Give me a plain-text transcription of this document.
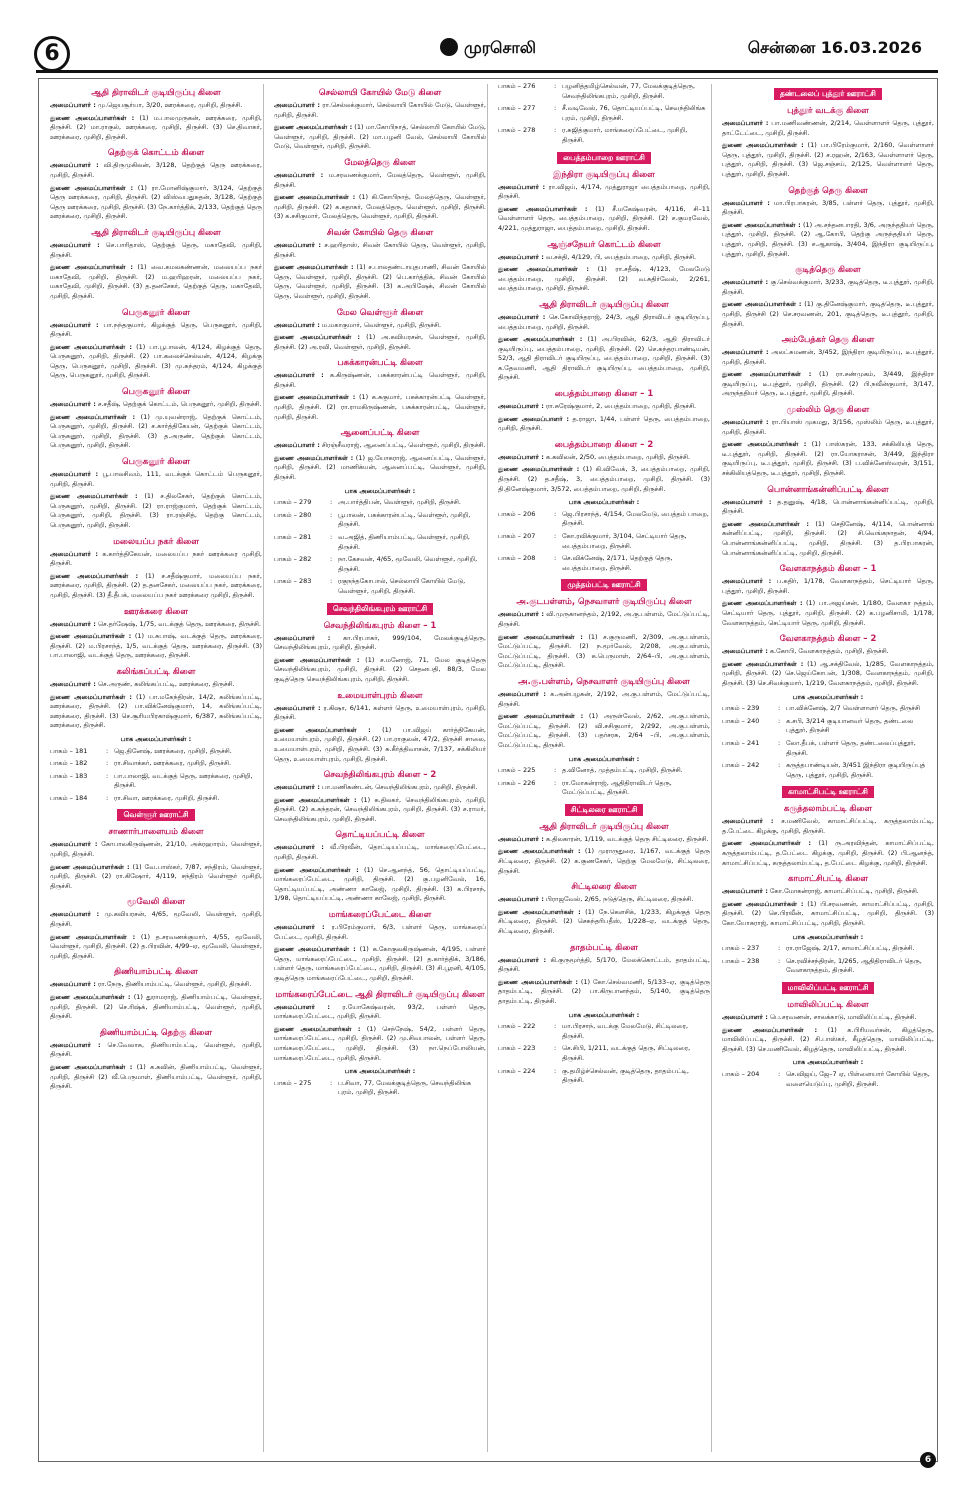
6	முரசொலி	சென்னை 16.03.2026
ஆதி திராவிடர் குடியிருப்பு கிளை

அமைப்பாளர் : மு.ஜெயசூர்யா, 3/20, ஊரக்கரை, முசிறி, திருச்சி.

துணை அமைப்பாளர்கள் : (1) ம.பாலமுருகன், ஊரக்கரை, முசிறி, திருச்சி. (2) மா.ராகுல், ஊரக்கரை, முசிறி, திருச்சி. (3) செ.திவாகர், ஊரக்கரை, முசிறி, திருச்சி.

தெற்குக் கொட்டம் கிளை

அமைப்பாளர் : வி.திருமுகிலன், 3/128, தெற்குத் தெரு ஊரக்கரை, முசிறி, திருச்சி.

துணை அமைப்பாளர்கள் : (1) ரா.மோனிஷ்குமார், 3/124, தெற்குத் தெரு ஊரக்கரை, முசிறி, திருச்சி. (2) விஸ்வபதுசுதன், 3/128, தெற்குத் தெரு ஊரக்கரை, முசிறி, திருச்சி. (3) நே.கார்த்திக், 2/133, தெற்குத் தெரு ஊரக்கரை, முசிறி, திருச்சி.

ஆதி திராவிடர் குடியிருப்பு கிளை

அமைப்பாளர் : செ.பாரிதாஸ், தெற்குத் தெரு, மகாதேவி, முசிறி, திருச்சி.

துணை அமைப்பாளர்கள் : (1) வை.கமலகண்ணன், மலையப்ப நகர் மகாதேவி, முசிறி, திருச்சி. (2) ம.ஹரிஹரன், மலையப்ப நகர், மகாதேவி, முசிறி, திருச்சி. (3) த.தனசேகர், தெற்குத் தெரு, மகாதேவி, முசிறி, திருச்சி.

பெருகனூர் கிளை

அமைப்பாளர் : பா.நந்தகுமார், கிழக்குத் தெரு, பெருகனூர், முசிறி, திருச்சி.

துணை அமைப்பாளர்கள் : (1) பா.பூபாலன், 4/124, கிழக்குத் தெரு, பெருகனூர், முசிறி, திருச்சி. (2) பா.கலைச்செல்வன், 4/124, கிழக்கு தெரு, பெருகனூர், முசிறி, திருச்சி. (3) மு.சுந்தரம், 4/124, கிழக்குத் தெரு, பெருகனூர், முசிறி, திருச்சி.

பெருகனூர் கிளை

அமைப்பாளர் : ச.சதீஷ், தெற்குக் கொட்டம், பெருகனூர், முசிறி, திருச்சி.

துணை அமைப்பாளர்கள் : (1) மு.யுவன்ராஜ், தெற்குக் கொட்டம், பெருகனூர், முசிறி, திருச்சி. (2) ச.கார்த்திகேயன், தெற்குக் கொட்டம், பெருகனூர், முசிறி, திருச்சி. (3) த.அருண், தெற்குக் கொட்டம், பெருகனூர், முசிறி, திருச்சி.

பெருகனூர் கிளை

அமைப்பாளர் : பூ.பாலசிவம், 111, வடக்குக் கொட்டம் பெருகனூர், முசிறி, திருச்சி.

துணை அமைப்பாளர்கள் : (1) ச.திலசேகர், தெற்குக் கொட்டம், பெருகனூர், முசிறி, திருச்சி. (2) ரா.ராஜ்குமார், தெற்குக் கொட்டம், பெருகனூர், முசிறி, திருச்சி. (3) ரா.ரஞ்சித், தெற்கு கொட்டம், பெருகனூர், முசிறி, திருச்சி.

மலையப்ப நகர் கிளை

அமைப்பாளர் : க.கார்த்திகேயன், மலையப்ப நகர் ஊரக்கரை முசிறி, திருச்சி.

துணை அமைப்பாளர்கள் : (1) ச.சதீஷ்குமார், மலையப்ப நகர், ஊரக்கரை, முசிறி, திருச்சி. (2) த.தனசேகர், மலையப்ப நகர், ஊரக்கரை, முசிறி, திருச்சி. (3) தீ.தீபக், மலையப்ப நகர் ஊரக்கரை முசிறி, திருச்சி.

ஊரக்கரை கிளை

அமைப்பாளர் : செ.தர்ஷேஷ், 1/75, வடக்குத் தெரு, ஊரக்கரை, திருச்சி.

துணை அமைப்பாளர்கள் : (1) ம.சுபாஷ், வடக்குத் தெரு, ஊரக்கரை, திருச்சி. (2) ம.பிரசாந்த், 1/5, வடக்குத் தெரு, ஊரக்கரை, திருச்சி. (3) பா.பாலாஜி, வடக்குத் தெரு, ஊரக்கரை, திருச்சி.

கலிங்கப்பட்டி கிளை

அமைப்பாளர் : செ.அருண், கலிங்கப்பட்டி, ஊரக்கரை, திருச்சி.

துணை அமைப்பாளர்கள் : (1) பா.மகேந்திரன், 14/2, கலிங்கப்பட்டி, ஊரக்கரை, திருச்சி. (2) பா.விக்னேஷ்குமார், 14, கலிங்கப்பட்டி, ஊரக்கரை, திருச்சி. (3) செ.சூரியபிரகாஷ்குமார், 6/387, கலிங்கப்பட்டி, ஊரக்கரை, திருச்சி.

பாக அமைப்பாளர்கள் :
பாகம் – 181	: ஜெ.தினேஷ், ஊரக்கரை, முசிறி, திருச்சி.
பாகம் – 182	: ரா.சிவாக்கர், ஊரக்கரை, முசிறி, திருச்சி.
பாகம் – 183	: பா.பாலாஜி, வடக்குத் தெரு, ஊரக்கரை, முசிறி, திருச்சி.
பாகம் – 184	: ரா.சிவா, ஊரக்கரை, முசிறி, திருச்சி.
வெள்ளூர் ஊராட்சி
சாணார்பாளையம் கிளை

அமைப்பாளர் : கோபாலகிருஷ்ணன், 21/10, அக்ரஹாரம், வெள்ளூர், முசிறி, திருச்சி.

துணை அமைப்பாளர்கள் : (1) வே.பாஸ்கர், 7/87, சந்திரம், வெள்ளூர், முசிறி, திருச்சி. (2) ரா.கிஷோர், 4/119, சந்திரம் வெள்ளூர் முசிறி, திருச்சி.

மூவேலி கிளை

அமைப்பாளர் : மு.கவியரசன், 4/65, மூவேலி, வெள்ளூர், முசிறி, திருச்சி.

துணை அமைப்பாளர்கள் : (1) த.சரவணக்குமார், 4/55, மூவேலி, வெள்ளூர், முசிறி, திருச்சி. (2) த.பிரவின், 4/99–ஏ, மூவேலி, வெள்ளூர், முசிறி, திருச்சி.

திணியாம்பட்டி கிளை

அமைப்பாளர் : ரா.நேரு, திணியாம்பட்டி, வெள்ளூர், முசிறி, திருச்சி.

துணை அமைப்பாளர்கள் : (1) துராமராஜ், திணியாம்பட்டி, வெள்ளூர், முசிறி, திருச்சி. (2) செ.ரிஷ்க், திணியாம்பட்டி, வெள்ளூர், முசிறி, திருச்சி.

திணியாம்பட்டி தெற்கு கிளை

அமைப்பாளர் : செ.வேலாசு, திணியாம்பட்டி, வெள்ளூர், முசிறி, திருச்சி.

துணை அமைப்பாளர்கள் : (1) க.கவின், திணியாம்பட்டி, வெள்ளூர், முசிறி, திருச்சி (2) வீ.பெருமாள், திணியாம்பட்டி, வெள்ளூர், முசிறி, திருச்சி.

செல்லாயி கோயில் மேடு கிளை

அமைப்பாளர் : ரா.செல்லக்குமார், செல்லாயி கோயில் மேடு, வெள்ளூர், முசிறி, திருச்சி.

துணை அமைப்பாளர்கள் : (1) மா.கோபிநாத், செல்லாயி கோயில் மேடு, வெள்ளூர், முசிறி, திருச்சி. (2) மா.பழனி வேல், செல்லாயி கோயில் மேடு, வெள்ளூர், முசிறி, திருச்சி.

மேலத்தெரு கிளை

அமைப்பாளர் : ம.சரவணக்குமார், மேலத்தெரு, வெள்ளூர், முசிறி, திருச்சி.

துணை அமைப்பாளர்கள் : (1) கி.கோபிநாத், மேலத்தெரு, வெள்ளூர், முசிறி, திருச்சி. (2) க.கதாகர், மேலத்தெரு, வெள்ளூர், முசிறி, திருச்சி. (3) க.சசிகுமார், மேலத்தெரு, வெள்ளூர், முசிறி, திருச்சி.

சிவன் கோயில் தெரு கிளை

அமைப்பாளர் : ச.ஹரிதாஸ், சிவன் கோயில் தெரு, வெள்ளூர், முசிறி, திருச்சி.

துணை அமைப்பாளர்கள் : (1) ச.பாலதண்டாயுதபாணி, சிவன் கோயில் தெரு, வெள்ளூர், முசிறி, திருச்சி. (2) பெ.கார்த்திக், சிவன் கோயில் தெரு, வெள்ளூர், முசிறி, திருச்சி. (3) க.அபிஷேக், சிவன் கோயில் தெரு, வெள்ளூர், முசிறி, திருச்சி.

மேல வெள்ளூர் கிளை

அமைப்பாளர் : ம.மகாகுமார், வெள்ளூர், முசிறி, திருச்சி.

துணை அமைப்பாளர்கள் : (1) அ.கவியரசன், வெள்ளூர், முசிறி, திருச்சி. (2) அ.ரவி, வெள்ளூர், முசிறி, திருச்சி.

பசுக்காரன்பட்டி கிளை

அமைப்பாளர் : க.கிருஷ்ணன், பசுக்காரன்பட்டி வெள்ளூர், முசிறி, திருச்சி.

துணை அமைப்பாளர்கள் : (1) க.சுகுமார், பசுக்காரன்பட்டி வெள்ளூர், முசிறி, திருச்சி. (2) ரா.ராமகிருஷ்ணன், பசுக்காரன்பட்டி, வெள்ளூர், முசிறி, திருச்சி.

ஆனைப்பட்டி கிளை

அமைப்பாளர் : சிரஞ்சீவராஜ், ஆனைப்பட்டி, வெள்ளூர், முசிறி, திருச்சி.

துணை அமைப்பாளர்கள் : (1) ஜ.யோகராஜ், ஆனைப்பட்டி, வெள்ளூர், முசிறி, திருச்சி. (2) மாணிக்யன், ஆனைப்பட்டி, வெள்ளூர், முசிறி, திருச்சி.

பாக அமைப்பாளர்கள் :
பாகம் – 279	: அ.பார்த்திபன், வெள்ளூர், முசிறி, திருச்சி.
பாகம் – 280	: பூபாலன், பசுக்காரன்பட்டி, வெள்ளூர், முசிறி, திருச்சி.
பாகம் – 281	: வ.அஜித், திணியாம்பட்டி, வெள்ளூர், முசிறி, திருச்சி.
பாகம் – 282	: நா.கேசவன், 4/65, மூவேலி, வெள்ளூர், முசிறி, திருச்சி.
பாகம் – 283	: ரகுநந்தகோபால், செல்லாயி கோயில் மேடு, வெள்ளூர், முசிறி, திருச்சி.
செவந்திலிங்கபுரம் ஊராட்சி
செவந்திலிங்கபுரம் கிளை – 1

அமைப்பாளர் : கா.பிரபாகர், 999/104, மேலக்குடித்தெரு, செவந்திலிங்கபுரம், முசிறி, திருச்சி.

துணை அமைப்பாளர்கள் : (1) ச.மனோஜ், 71, மேல குடித்தெரு செவந்திலிங்கபுரம், முசிறி, திருச்சி. (2) செதனபதி, 88/3, மேல குடித்தெரு செவந்திலிங்கபுரம், முசிறி, திருச்சி.

உமையாள்புரம் கிளை

அமைப்பாளர் : ர.கிஷா, 6/141, கள்ளர் தெரு, உமையாள்புரம், முசிறி, திருச்சி.

துணை அமைப்பாளர்கள் : (1) பா.விஜய் கார்த்திகேயன், உமையாள்புரம், முசிறி, திருச்சி. (2) பா.ராகுலன், 47/2, திருச்சி சாலை, உமையாள்புரம், முசிறி, திருச்சி. (3) சு.கீர்த்திவாசன், 7/137, சக்கிலியர் தெரு, உமையாள்புரம், முசிறி, திருச்சி.

செவந்திலிங்கபுரம் கிளை – 2

அமைப்பாளர் : பா.மணிகண்டன், செவந்திலிங்கபுரம், முசிறி, திருச்சி.

துணை அமைப்பாளர்கள் : (1) க.திலகர், செவந்திலிங்கபுரம், முசிறி, திருச்சி. (2) க.சுந்தரன், செவந்திலிங்கபுரம், முசிறி, திருச்சி. (3) ச.ராமர், செவந்திலிங்கபுரம், முசிறி, திருச்சி.

தொட்டியப்பட்டி கிளை

அமைப்பாளர் : வீ.பிரவீன், தொட்டியப்பட்டி, மாங்கரைப்பேட்டை, முசிறி, திருச்சி.

துணை அமைப்பாளர்கள் : (1) செ.ஆனந்த், 56, தொட்டியப்பட்டி, மாங்கரைப்பேட்டை, முசிறி, திருச்சி. (2) கு.பழனிவேல், 16, தொட்டியப்பட்டி, அண்ணா காலேஜ், முசிறி, திருச்சி. (3) க.பிரசாந், 1/98, தொட்டியப்பட்டி, அண்ணா காலேஜ், முசிறி, திருச்சி.

மாங்கரைப்பேட்டை கிளை

அமைப்பாளர் : ர.பிரேம்குமார், 6/3, பள்ளர் தெரு, மாங்கரைப் பேட்டை, முசிறி, திருச்சி.

துணை அமைப்பாளர்கள் : (1) க.கோகுலகிருஷ்ணன், 4/195, பள்ளர் தெரு, மாங்கரைப்பேட்டை, முசிறி, திருச்சி. (2) த.கார்த்திக், 3/186, பள்ளர் தெரு, மாங்கரைப்பேட்டை, முசிறி, திருச்சி. (3) சி.பூரனி, 4/105, குடித்தெரு மாங்கரைப்பேட்டை, முசிறி, திருச்சி.

மாங்கரைப்பேட்டை ஆதி திராவிடர் குடியிருப்பு கிளை

அமைப்பாளர் : ர.யோகேஷ்வரன், 93/2, பள்ளர் தெரு, மாங்கரைப்பேட்டை, முசிறி, திருச்சி.

துணை அமைப்பாளர்கள் : (1) செந்நேஷ், 54/2, பள்ளர் தெரு, மாங்கரைப்பேட்டை, முசிறி, திருச்சி. (2) மு.சிவபாலன், பள்ளர் தெரு, மாங்கரைப்பேட்டை, முசிறி, திருச்சி. (3) நா.நெப்போலியன், மாங்கரைப்பேட்டை, முசிறி, திருச்சி.

பாக அமைப்பாளர்கள் :
பாகம் – 275	: ப.சிவா, 77, மேலக்குடித்தெரு, செவந்திலிங்க புரம், முசிறி, திருச்சி.
பாகம் – 276	: பழனித்தமிழ்செல்வன், 77, மேலக்குடித்தெரு, செவந்திலிங்கபுரம், முசிறி, திருச்சி.
பாகம் – 277	: சீ.வடிவேல், 76, தொட்டியப்பட்டி, செவந்திலிங்க புரம், முசிறி, திருச்சி.
பாகம் – 278	: ர.சுஜித்குமார், மாங்கரைப்பேட்டை, முசிறி, திருச்சி.
பைத்தம்பாறை ஊராட்சி
இந்திரா குடியிருப்பு கிளை

அமைப்பாளர் : ரா.விஜய், 4/174, முத்துராஜா பைத்தம்பாறை, முசிறி, திருச்சி.

துணை அமைப்பாளர்கள் : (1) சீ.மகேஷ்வரன், 4/116, சி–11 வெள்ளாளர் தெரு, பைத்தம்பாறை, முசிறி, திருச்சி. (2) ச.குமரவேல், 4/221, முத்துராஜா, பைத்தம்பாறை, முசிறி, திருச்சி.

ஆஞ்சநேயர் கொட்டம் கிளை

அமைப்பாளர் : வ.சக்தி, 4/129, பி, பைத்தம்பாறை, முசிறி, திருச்சி.

துணை அமைப்பாளர்கள் : (1) ரா.சதீஷ், 4/123, மேலமேடு பைத்தம்பாறை, முசிறி, திருச்சி. (2) வ.சுதிர்வேல், 2/261, பைத்தம்பாறை, முசிறி, திருச்சி.

ஆதி திராவிடர் குடியிருப்பு கிளை

அமைப்பாளர் : செ.கோவிந்தராஜ், 24/3, ஆதி திராவிடர் குடியிருப்பு, பைத்தம்பாறை, முசிறி, திருச்சி.

துணை அமைப்பாளர்கள் : (1) அ.பிரவின், 62/3, ஆதி திராவிடர் குடியிருப்பு, பைத்தம்பாறை, முசிறி, திருச்சி. (2) செ.சுந்தரபாண்டியன், 52/3, ஆதி திராவிடர் குடியிருப்பு, பைத்தம்பாறை, முசிறி, திருச்சி. (3) க.தேவமணி, ஆதி திராவிடர் குடியிருப்பு, பைத்தம்பாறை, முசிறி, திருச்சி.

பைத்தம்பாறை கிளை – 1

அமைப்பாளர் : ரா.சுரேஷ்குமார், 2, பைத்தம்பாறை, முசிறி, திருச்சி.

துணை அமைப்பாளர் : த.ராஜா, 1/44, பள்ளர் தெரு, பைத்தம்பாறை, முசிறி, திருச்சி.

பைத்தம்பாறை கிளை – 2

அமைப்பாளர் : க.கவிலன், 2/50, பைத்தம்பாறை, முசிறி, திருச்சி.

துணை அமைப்பாளர்கள் : (1) கி.விவேக், 3, பைத்தம்பாறை, முசிறி, திருச்சி. (2) த.சதீஷ், 3, பைத்தம்பாறை, முசிறி, திருச்சி. (3) தி.தினேஷ்குமார், 3/572, பைத்தம்பாறை, முசிறி, திருச்சி.

பாக அமைப்பாளர்கள் :
பாகம் – 206	: ஜெ.பிரசாந்த், 4/154, மேலமேடு, பைத்தம் பாறை, திருச்சி.
பாகம் – 207	: கோ.ரவிக்குமார், 3/104, செட்டியார் தெரு, பைத்தம்பாறை, திருச்சி.
பாகம் – 208	: செ.விக்னேஷ், 2/171, தெற்குத் தெரு, பைத்தம்பாறை, திருச்சி.
முத்தம்பட்டி ஊராட்சி
அ.குடபள்ளம், நெசவாளர் குடியிருப்பு கிளை

அமைப்பாளர் : வி.முருகானந்தம், 2/192, அ.கு.பள்ளம், மேட்டுப்பட்டி, திருச்சி.

துணை அமைப்பாளர்கள் : (1) ச.குருமணி, 2/309, அ.கு.பள்ளம், மேட்டுப்பட்டி, திருச்சி. (2) ந.மூர்வேல், 2/208, அ.கு.பள்ளம், மேட்டுப்பட்டி, திருச்சி. (3) க.பெருமாள், 2/64–பி, அ.கு.பள்ளம், மேட்டுப்பட்டி, திருச்சி.

அ.கு.பள்ளம், நெசவாளர் குடியிருப்பு கிளை

அமைப்பாளர் : க.அன்பழகன், 2/192, அ.கு.பள்ளம், மேட்டுப்பட்டி, திருச்சி.

துணை அமைப்பாளர்கள் : (1) அருள்வேல், 2/62, அ.கு.பள்ளம், மேட்டுப்பட்டி, திருச்சி. (2) வி.சசிகுமார், 2/292, அ.கு.பள்ளம், மேட்டுப்பட்டி, திருச்சி. (3) பதர்சரசு, 2/64 –பி, அ.கு.பள்ளம், மேட்டுப்பட்டி, திருச்சி.

பாக அமைப்பாளர்கள் :
பாகம் – 225	: த.வினோத், முத்தம்பட்டி, முசிறி, திருச்சி.
பாகம் – 226	: ரா.மோகன்ராஜ், ஆதிதிராவிடர் தெரு, மேட்டுப்பட்டி, திருச்சி.
சிட்டிலரை ஊராட்சி
ஆதி திராவிடர் குடியிருப்பு கிளை

அமைப்பாளர் : க.திலகாரன், 1/119, வடக்குத் தெரு சிட்டிலரை, திருச்சி.

துணை அமைப்பாளர்கள் : (1) முராருதுரை, 1/167, வடக்குத் தெரு சிட்டிலரை, திருச்சி. (2) க.குணசேகர், தெற்கு மேலமேடு, சிட்டிலரை, திருச்சி.

சிட்டிலரை கிளை

அமைப்பாளர் : பிராஜவேல், 2/65, நடுத்தெரு, சிட்டிலரை, திருச்சி.

துணை அமைப்பாளர்கள் : (1) நே.கௌசிக், 1/233, கிழக்குத் தெரு சிட்டிலரை, திருச்சி. (2) செசுந்தரிபதீஸ், 1/228–ஏ, வடக்குத் தெரு, சிட்டிலரை, திருச்சி.

தாதம்பட்டி கிளை

அமைப்பாளர் : கி.குருமூர்த்தி, 5/170, மேலக்கொட்டம், தாதம்பட்டி, திருச்சி.

துணை அமைப்பாளர்கள் : (1) கோ.செல்வமணி, 5/133–ஏ, குடித்தெரு தாதம்பட்டி, திருச்சி. (2) பா.கிருபானந்தம், 5/140, குடித்தெரு தாதம்பட்டி, திருச்சி.

பாக அமைப்பாளர்கள் :
பாகம் – 222	: மா.பிரசாந், வடக்கு மேலமேடு, சிட்டிலரை, திருச்சி.
பாகம் – 223	: செ.சிபி, 1/211, வடக்குத் தெரு, சிட்டிலரை, திருச்சி.
பாகம் – 224	: கு.தமிழ்ச்செல்வன், குடித்தெரு, தாதம்பட்டி, திருச்சி.
தண்டலைப் புத்தூர் ஊராட்சி
புத்தூர் வடக்கு கிளை

அமைப்பாளர் : பா.மணிவண்ணன், 2/214, வெள்ளாளர் தெரு, புத்தூர், தாட்டேட்டை, முசிறி, திருச்சி.

துணை அமைப்பாளர்கள் : (1) பா.பிரேம்குமார், 2/160, வெள்ளாளர் தெரு, புத்தூர், முசிறி, திருச்சி. (2) ச.ரஹன், 2/163, வெள்ளாளர் தெரு, புத்தூர், முசிறி, திருச்சி. (3) ஜெ.சஞ்சய், 2/125, வெள்ளாளர் தெரு, புத்தூர், முசிறி, திருச்சி.

தெற்குத் தெரு கிளை

அமைப்பாளர் : மா.பிரபாகரன், 3/85, பள்ளர் தெரு, புத்தூர், முசிறி, திருச்சி.

துணை அமைப்பாளர்கள் : (1) அ.சந்தனபாரதி, 3/6, அருந்ததியர் தெரு, புத்தூர், முசிறி, திருச்சி. (2) ஆ.கோபி, தெற்கு அருந்ததியர் தெரு, புத்தூர், முசிறி, திருச்சி. (3) ச.ஆகாஷ், 3/404, இந்திரா குடியிருப்பு, புத்தூர், முசிறி, திருச்சி.

குடித்தெரு கிளை

அமைப்பாளர் : கு.செல்வக்குமார், 3/233, குடித்தெரு, டீ.புத்தூர், முசிறி, திருச்சி.

துணை அமைப்பாளர்கள் : (1) கு.தினேஷ்குமார், குடித்தெரு, டீ.புத்தூர், முசிறி, திருச்சி (2) செ.சரவணன், 201, குடித்தெரு, டீ.புத்தூர், முசிறி, திருச்சி.

அம்பேத்கர் தெரு கிளை

அமைப்பாளர் : அலட்சுமணன், 3/452, இந்திரா குடியிருப்பு, டீ.புத்தூர், முசிறி, திருச்சி.

துணை அமைப்பாளர்கள் : (1) ரா.சண்முகம், 3/449, இந்திரா குடியிருப்பு, டீ.புத்தூர், முசிறி, திருச்சி. (2) பி.நவீன்குமார், 3/147, அருந்ததியர் தெரு, டீ.புத்தூர், முசிறி, திருச்சி.

முஸ்லிம் தெரு கிளை

அமைப்பாளர் : ரா.பியாஸ் முகமது, 3/156, முஸ்லிம் தெரு, டீ.புத்தூர், முசிறி, திருச்சி.

துணை அமைப்பாளர்கள் : (1) பாஸ்கரன், 133, சக்கிலியத் தெரு, டீ.புத்தூர், முசிறி, திருச்சி. (2) ரா.யோகராசன், 3/449, இந்திரா குடியிருப்பு, டீ.புத்தூர், முசிறி, திருச்சி. (3) ப.விக்னேஸ்வரன், 3/151, சக்கிலியத்தெரு, டீ.புத்தூர், முசிறி, திருச்சி.

பொன்னாங்கன்னிப்பட்டி கிளை

அமைப்பாளர் : த.தனுஷ், 4/18, பொன்னாங்கன்னிப்பட்டி, முசிறி, திருச்சி.

துணை அமைப்பாளர்கள் : (1) செதினேஷ், 4/114, பொன்னாங் கன்னிப்பட்டி, முசிறி, திருச்சி. (2) சி.வெங்கநாதன், 4/94, பொன்னாங்கன்னிப்பட்டி, முசிறி, திருச்சி. (3) த.பிரபாகரன், பொன்னாங்கன்னிப்பட்டி, முசிறி, திருச்சி.

வேளகாநத்தம் கிளை – 1

அமைப்பாளர் : ப.கதிர், 1/178, வேளகாநத்தம், செட்டியார் தெரு, புத்தூர், முசிறி, திருச்சி.

துணை அமைப்பாளர்கள் : (1) பா.அஜய்சன், 1/180, வேளகா நத்தம், செட்டியார் தெரு, புத்தூர், முசிறி, திருச்சி. (2) க.பழனிசாமி, 1/178, வேளகாநத்தம், செட்டியார் தெரு, முசிறி, திருச்சி.

வேளகாநத்தம் கிளை – 2

அமைப்பாளர் : க.கோபி, வேளகாநத்தம், முசிறி, திருச்சி.

துணை அமைப்பாளர்கள் : (1) ஆ.சக்திவேல், 1/285, வேளகாநத்தம், முசிறி, திருச்சி. (2) செ.ஜெய்கோபன், 1/308, வேளகாநத்தம், முசிறி, திருச்சி. (3) செ.சிவக்குமார், 1/219, வேளகாநத்தம், முசிறி, திருச்சி.

பாக அமைப்பாளர்கள் :
பாகம் – 239	: பா.விக்னேஷ், 2/7 வெள்ளாளர் தெரு, திருச்சி
பாகம் – 240	: க.சபி, 3/214 குடியானவர் தெரு, தண்டலை புத்தூர், திருச்சி
பாகம் – 241	: லோ.தீபக், பள்ளர் தெரு, தண்டலைப்புத்தூர், திருச்சி.
பாகம் – 242	: கருத்தபாண்டியன், 3/451 இந்திரா குடியிருப்புத் தெரு, புத்தூர், முசிறி, திருச்சி.
காமாட்சிபட்டி ஊராட்சி
கருத்தலாம்பட்டி கிளை

அமைப்பாளர் : ச.மணிவேல், காமாட்சிப்பட்டி, கருத்தலாம்பட்டி, த.பேட்டை கிழக்கு, முசிறி, திருச்சி.

துணை அமைப்பாளர்கள் : (1) ரு.அரவிந்தன், காமாட்சிப்பட்டி, கருத்தலாம்பட்டி, த.பேட்டை கிழக்கு, முசிறி, திருச்சி. (2) பி.ஆனந்த், காமாட்சிப்பட்டி, கருத்தலாம்பட்டி, த.பேட்டை கிழக்கு, முசிறி, திருச்சி.

காமாட்சிபட்டி கிளை

அமைப்பாளர் : கோ.மோகன்ராஜ், காமாட்சிப்பட்டி, முசிறி, திருச்சி.

துணை அமைப்பாளர்கள் : (1) பி.சரவணன், காமாட்சிப்பட்டி, முசிறி, திருச்சி. (2) செ.பிரவீன், காமாட்சிப்பட்டி, முசிறி, திருச்சி. (3) கோ.யோகராஜ், காமாட்சிப்பட்டி, முசிறி, திருச்சி.

பாக அமைப்பாளர்கள் :
பாகம் – 237	: ரா.ராஜேஷ், 2/17, காமாட்சிப்பட்டி, திருச்சி.
பாகம் – 238	: செ.ரவிச்சந்திரன், 1/265, ஆதிதிராவிடர் தெரு, வேளகாநத்தம், திருச்சி.
மாவிலிப்பட்டி ஊராட்சி
மாவிலிப்பட்டி கிளை

அமைப்பாளர் : பெ.சரவணன், சாலக்காடு, மாவிலிப்பட்டி, திருச்சி.

துணை அமைப்பாளர்கள் : (1) க.பிரியவர்சன், கிழத்தெரு, மாவிலிப்பட்டி, திருச்சி. (2) சி.பாஸ்கர், கீழத்தெரு, மாவிலிப்பட்டி, திருச்சி. (3) செ.மணிவேல், கிழத்தெரு, மாவிலிப்பட்டி, திருச்சி.

பாக அமைப்பாளர்கள் :
பாகம் – 204	: செ.விஜய், ஜே–7 ஏ, பிள்ளையார் கோயில் தெரு, வளையெடுப்பு, முசிறி, திருச்சி.
6
